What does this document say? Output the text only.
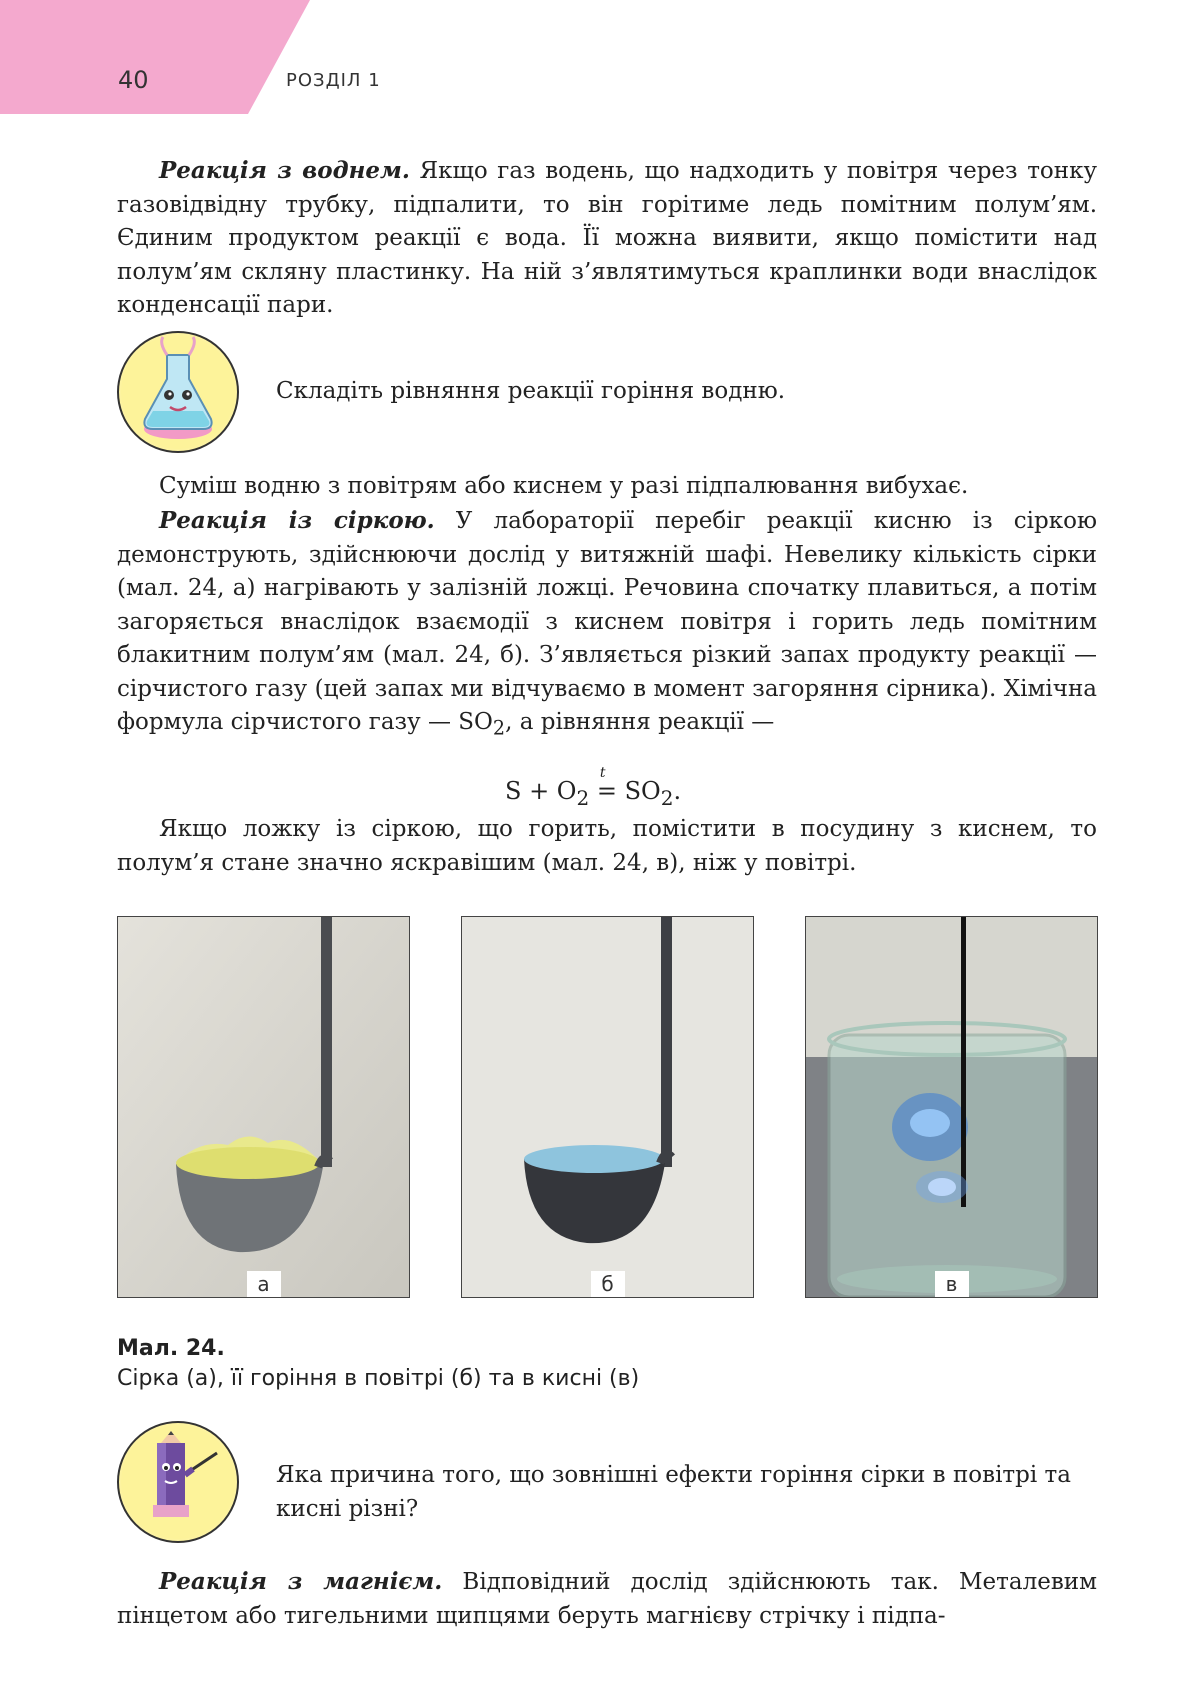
40	РОЗДІЛ 1
Реакція з воднем. Якщо газ водень, що надходить у повітря через тонку газовідвідну трубку, підпалити, то він горітиме ледь помітним полум’ям. Єдиним продуктом реакції є вода. Її можна виявити, якщо помістити над полум’ям скляну пластинку. На ній з’являтимуться краплинки води внаслідок конденсації пари.
Складіть рівняння реакції горіння водню.
Суміш водню з повітрям або киснем у разі підпалювання вибухає.
Реакція із сіркою. У лабораторії перебіг реакції кисню із сіркою демонструють, здійснюючи дослід у витяжній шафі. Невелику кількість сірки (мал. 24, а) нагрівають у залізній ложці. Речовина спочатку плавиться, а потім загоряється внаслідок взаємодії з киснем повітря і горить ледь помітним блакитним полум’ям (мал. 24, б). З’являється різкий запах продукту реакції — сірчистого газу (цей запах ми відчуваємо в момент загоряння сірника). Хімічна формула сірчистого газу — $SO_2$, а рівняння реакції —
$S + O_2$
t
= $SO_2$.
Якщо ложку із сіркою, що горить, помістити в посудину з киснем, то полум’я стане значно яскравішим (мал. 24, в), ніж у повітрі.
а	б	в
Мал. 24.
Сірка (а), її горіння в повітрі (б) та в кисні (в)
Яка причина того, що зовнішні ефекти горіння сірки в повітрі та кисні різні?
Реакція з магнієм. Відповідний дослід здійснюють так. Металевим пінцетом або тигельними щипцями беруть магнієву стрічку і підпа-
